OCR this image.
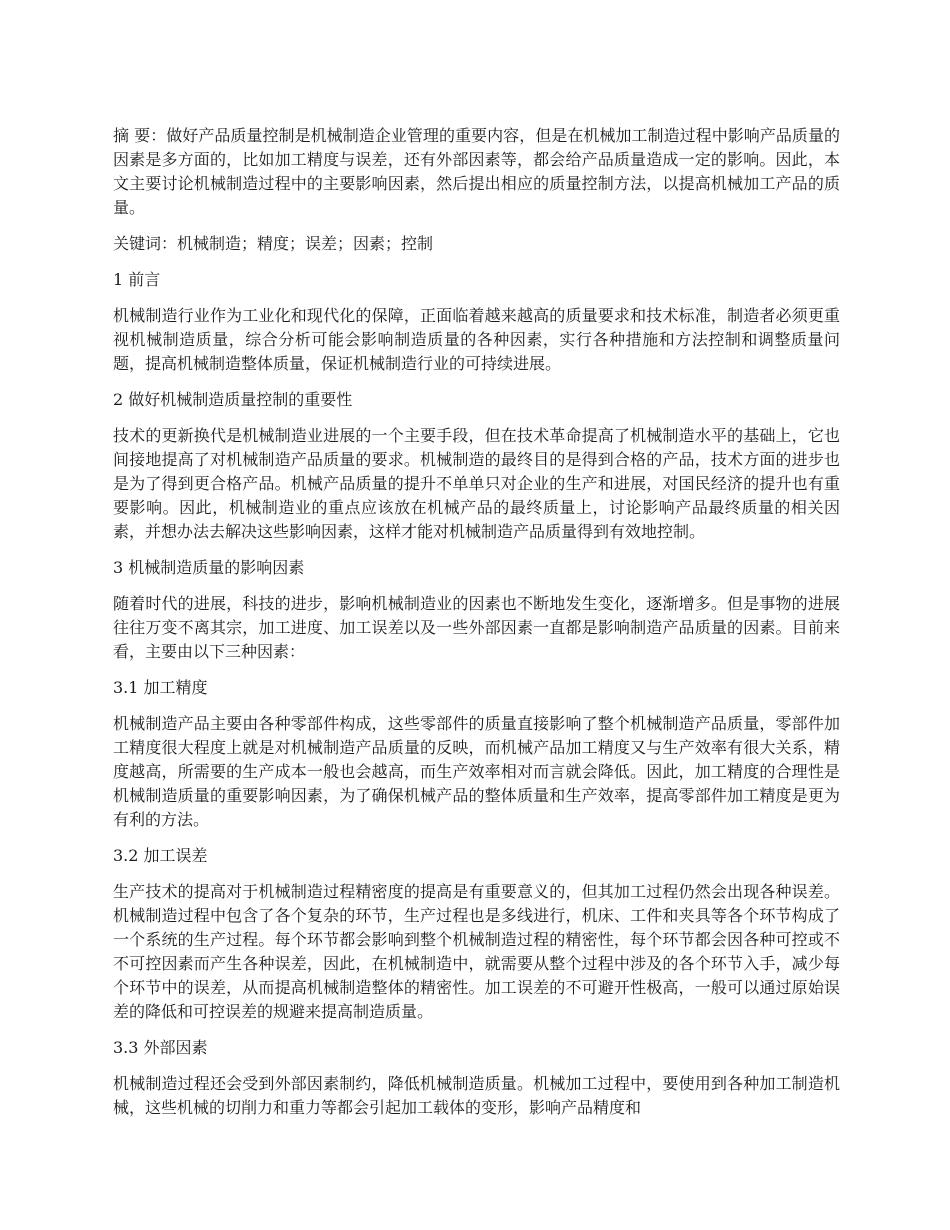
摘 要：做好产品质量控制是机械制造企业管理的重要内容，但是在机械加工制造过程中影响产品质量的因素是多方面的，比如加工精度与误差，还有外部因素等，都会给产品质量造成一定的影响。因此，本文主要讨论机械制造过程中的主要影响因素，然后提出相应的质量控制方法，以提高机械加工产品的质量。

关键词：机械制造；精度；误差；因素；控制

1 前言

机械制造行业作为工业化和现代化的保障，正面临着越来越高的质量要求和技术标准，制造者必须更重视机械制造质量，综合分析可能会影响制造质量的各种因素，实行各种措施和方法控制和调整质量问题，提高机械制造整体质量，保证机械制造行业的可持续进展。

2 做好机械制造质量控制的重要性

技术的更新换代是机械制造业进展的一个主要手段，但在技术革命提高了机械制造水平的基础上，它也间接地提高了对机械制造产品质量的要求。机械制造的最终目的是得到合格的产品，技术方面的进步也是为了得到更合格产品。机械产品质量的提升不单单只对企业的生产和进展，对国民经济的提升也有重要影响。因此，机械制造业的重点应该放在机械产品的最终质量上，讨论影响产品最终质量的相关因素，并想办法去解决这些影响因素，这样才能对机械制造产品质量得到有效地控制。

3 机械制造质量的影响因素

随着时代的进展，科技的进步，影响机械制造业的因素也不断地发生变化，逐渐增多。但是事物的进展往往万变不离其宗，加工进度、加工误差以及一些外部因素一直都是影响制造产品质量的因素。目前来看，主要由以下三种因素：

3.1 加工精度

机械制造产品主要由各种零部件构成，这些零部件的质量直接影响了整个机械制造产品质量，零部件加工精度很大程度上就是对机械制造产品质量的反映，而机械产品加工精度又与生产效率有很大关系，精度越高，所需要的生产成本一般也会越高，而生产效率相对而言就会降低。因此，加工精度的合理性是机械制造质量的重要影响因素，为了确保机械产品的整体质量和生产效率，提高零部件加工精度是更为有利的方法。

3.2 加工误差

生产技术的提高对于机械制造过程精密度的提高是有重要意义的，但其加工过程仍然会出现各种误差。机械制造过程中包含了各个复杂的环节，生产过程也是多线进行，机床、工件和夹具等各个环节构成了一个系统的生产过程。每个环节都会影响到整个机械制造过程的精密性，每个环节都会因各种可控或不不可控因素而产生各种误差，因此，在机械制造中，就需要从整个过程中涉及的各个环节入手，减少每个环节中的误差，从而提高机械制造整体的精密性。加工误差的不可避开性极高，一般可以通过原始误差的降低和可控误差的规避来提高制造质量。

3.3 外部因素

机械制造过程还会受到外部因素制约，降低机械制造质量。机械加工过程中，要使用到各种加工制造机械，这些机械的切削力和重力等都会引起加工载体的变形，影响产品精度和
